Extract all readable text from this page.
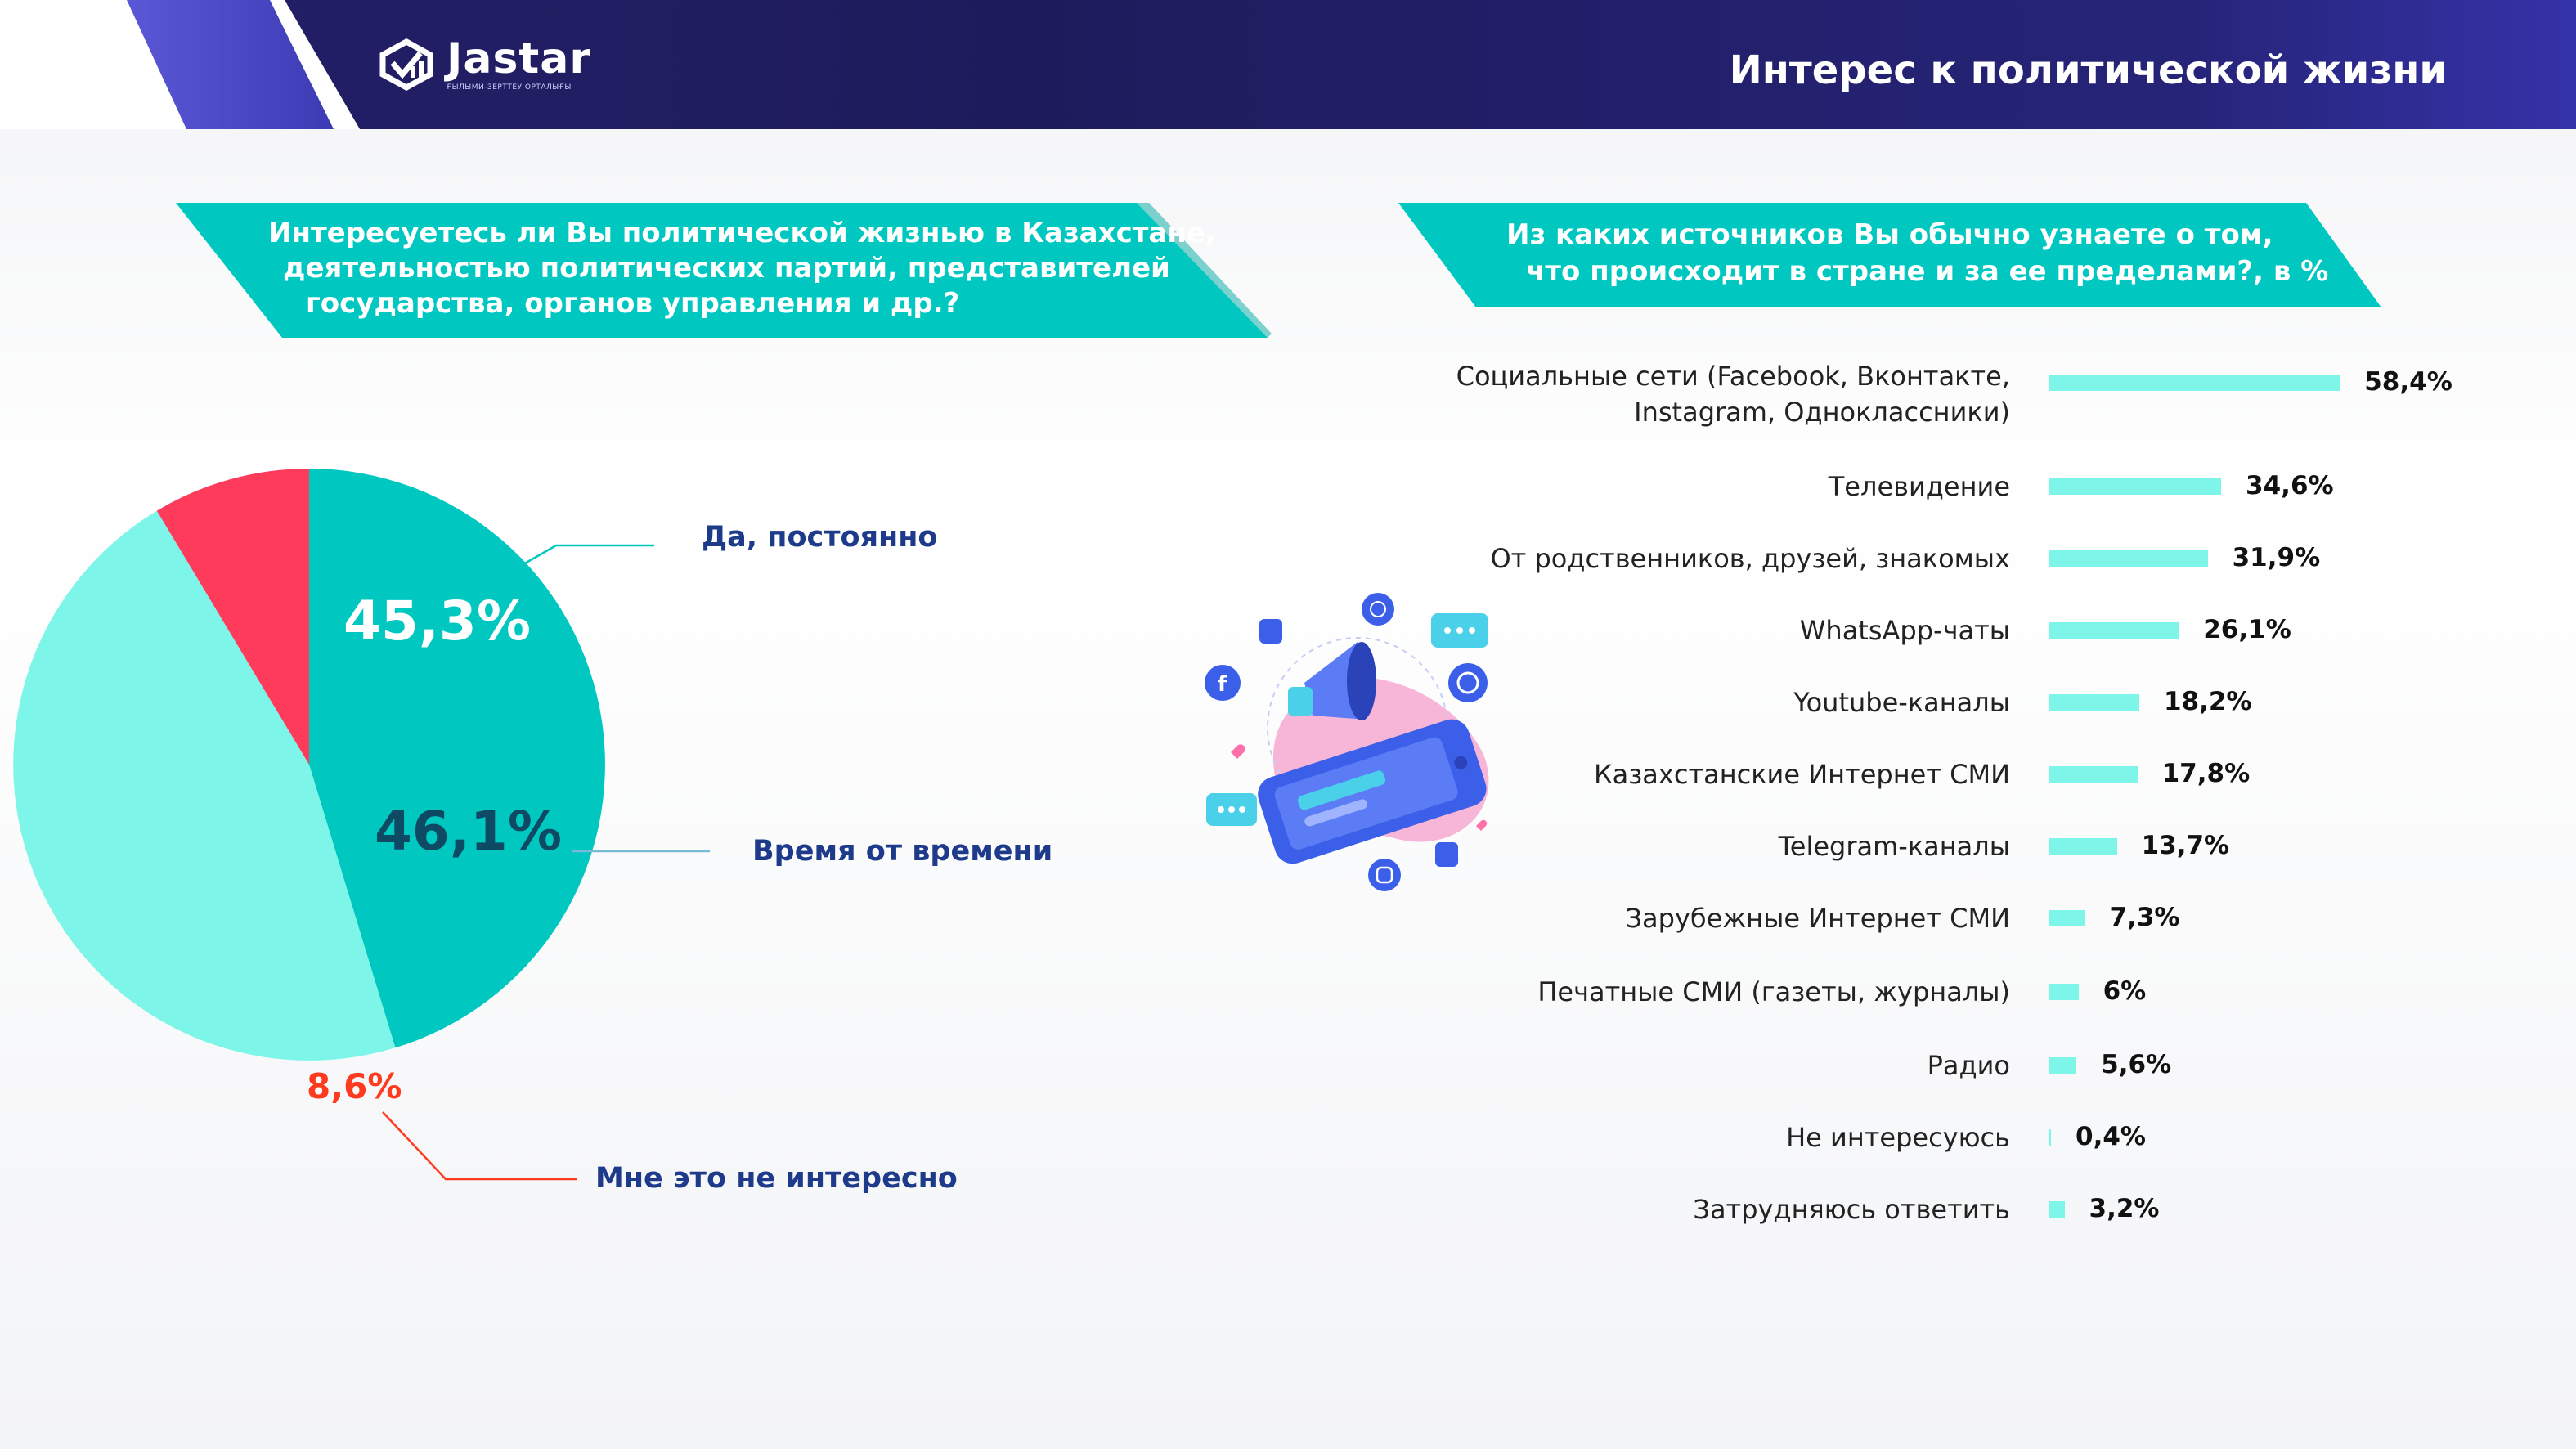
Jastar
ҒЫЛЫМИ-ЗЕРТТЕУ ОРТАЛЫҒЫ	Интерес к политической жизни
Интересуетесь ли Вы политической жизнью в Казахстане,
деятельностью политических партий, представителей
государства, органов управления и др.?
Из каких источников Вы обычно узнаете о том,
что происходит в стране и за ее пределами?, в %
45,3%
46,1%
8,6%
Да, постоянно
Время от времени
Мне это не интересно
f
Социальные сети (Facebook, Вконтакте,
Instagram, Одноклассники)
58,4%
Телевидение	34,6%
От родственников, друзей, знакомых	31,9%
WhatsApp-чаты	26,1%
Youtube-каналы	18,2%
Казахстанские Интернет СМИ	17,8%
Telegram-каналы	13,7%
Зарубежные Интернет СМИ	7,3%
Печатные СМИ (газеты, журналы)	6%
Радио	5,6%
Не интересуюсь	0,4%
Затрудняюсь ответить	3,2%
